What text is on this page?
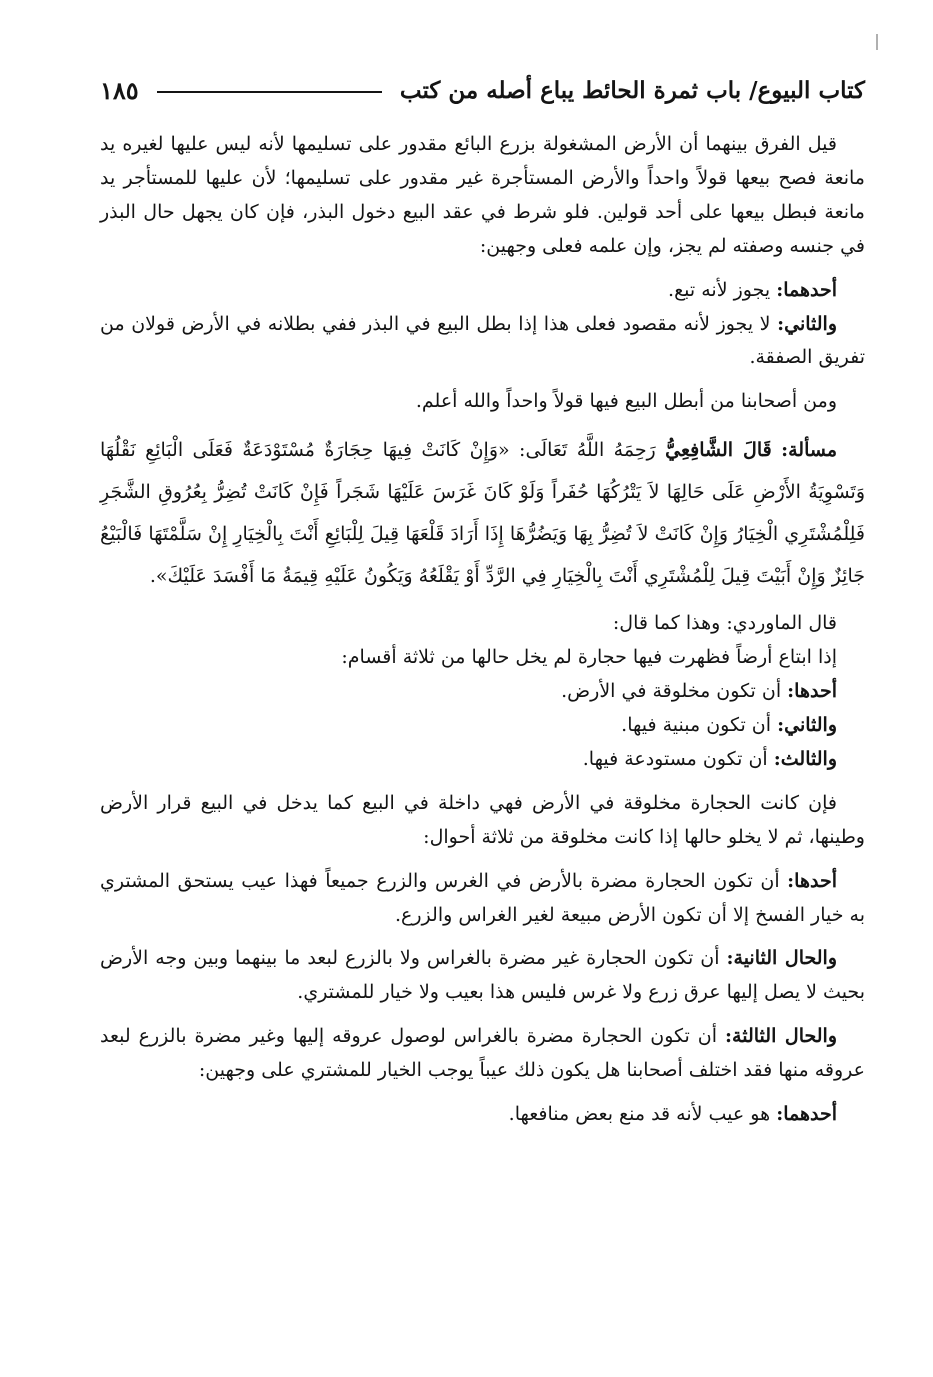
كتاب البيوع/ باب ثمرة الحائط يباع أصله من كتب
١٨٥

قيل الفرق بينهما أن الأرض المشغولة بزرع البائع مقدور على تسليمها لأنه ليس عليها لغيره يد مانعة فصح بيعها قولاً واحداً والأرض المستأجرة غير مقدور على تسليمها؛ لأن عليها للمستأجر يد مانعة فبطل بيعها على أحد قولين. فلو شرط في عقد البيع دخول البذر، فإن كان يجهل حال البذر في جنسه وصفته لم يجز، وإن علمه فعلى وجهين:

أحدهما: يجوز لأنه تبع.

والثاني: لا يجوز لأنه مقصود فعلى هذا إذا بطل البيع في البذر ففي بطلانه في الأرض قولان من تفريق الصفقة.

ومن أصحابنا من أبطل البيع فيها قولاً واحداً والله أعلم.

مسألة: قَالَ الشَّافِعِيُّ رَحِمَهُ اللَّهُ تَعَالَى: «وَإِنْ كَانَتْ فِيهَا حِجَارَةٌ مُسْتَوْدَعَةٌ فَعَلَى الْبَائِعِ نَقْلُهَا وَتَسْوِيَةُ الأَرْضِ عَلَى حَالِهَا لاَ يَتْرُكُهَا حُفَراً وَلَوْ كَانَ غَرَسَ عَلَيْهَا شَجَراً فَإِنْ كَانَتْ تُضِرُّ بِعُرُوقِ الشَّجَرِ فَلِلْمُشْتَرِي الْخِيَارُ وَإِنْ كَانَتْ لاَ تُضِرُّ بِهَا وَيَضُرُّهَا إِذَا أَرَادَ قَلْعَهَا قِيلَ لِلْبَائِعِ أَنْتَ بِالْخِيَارِ إِنْ سَلَّمْتَهَا فَالْبَيْعُ جَائِزٌ وَإِنْ أَبَيْتَ قِيلَ لِلْمُشْتَرِي أَنْتَ بِالْخِيَارِ فِي الرَّدِّ أَوْ يَقْلَعُهُ وَيَكُونُ عَلَيْهِ قِيمَةُ مَا أَفْسَدَ عَلَيْكَ».

قال الماوردي: وهذا كما قال:

إذا ابتاع أرضاً فظهرت فيها حجارة لم يخل حالها من ثلاثة أقسام:

أحدها: أن تكون مخلوقة في الأرض.

والثاني: أن تكون مبنية فيها.

والثالث: أن تكون مستودعة فيها.

فإن كانت الحجارة مخلوقة في الأرض فهي داخلة في البيع كما يدخل في البيع قرار الأرض وطينها، ثم لا يخلو حالها إذا كانت مخلوقة من ثلاثة أحوال:

أحدها: أن تكون الحجارة مضرة بالأرض في الغرس والزرع جميعاً فهذا عيب يستحق المشتري به خيار الفسخ إلا أن تكون الأرض مبيعة لغير الغراس والزرع.

والحال الثانية: أن تكون الحجارة غير مضرة بالغراس ولا بالزرع لبعد ما بينهما وبين وجه الأرض بحيث لا يصل إليها عرق زرع ولا غرس فليس هذا بعيب ولا خيار للمشتري.

والحال الثالثة: أن تكون الحجارة مضرة بالغراس لوصول عروقه إليها وغير مضرة بالزرع لبعد عروقه منها فقد اختلف أصحابنا هل يكون ذلك عيباً يوجب الخيار للمشتري على وجهين:

أحدهما: هو عيب لأنه قد منع بعض منافعها.
